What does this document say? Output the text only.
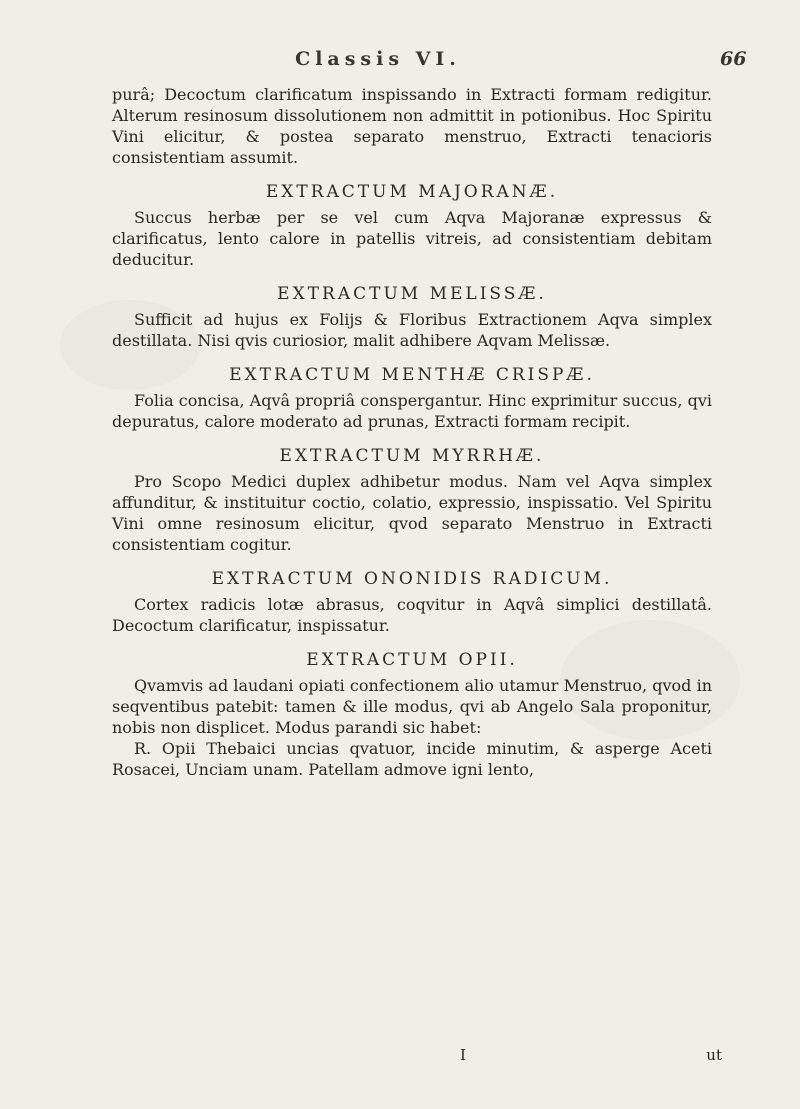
Classis VI.	66

purâ; Decoctum clarificatum inspissando in Extracti formam redigitur. Alterum resinosum dissolutionem non admittit in potionibus. Hoc Spiritu Vini elicitur, & postea separato menstruo, Extracti tenacioris consistentiam assumit.

EXTRACTUM MAJORANÆ.

Succus herbæ per se vel cum Aqva Majoranæ expressus & clarificatus, lento calore in patellis vitreis, ad consistentiam debitam deducitur.

EXTRACTUM MELISSÆ.

Sufficit ad hujus ex Folijs & Floribus Extractionem Aqva simplex destillata. Nisi qvis curiosior, malit adhibere Aqvam Melissæ.

EXTRACTUM MENTHÆ CRISPÆ.

Folia concisa, Aqvâ propriâ conspergantur. Hinc exprimitur succus, qvi depuratus, calore moderato ad prunas, Extracti formam recipit.

EXTRACTUM MYRRHÆ.

Pro Scopo Medici duplex adhibetur modus. Nam vel Aqva simplex affunditur, & instituitur coctio, colatio, expressio, inspissatio. Vel Spiritu Vini omne resinosum elicitur, qvod separato Menstruo in Extracti consistentiam cogitur.

EXTRACTUM ONONIDIS RADICUM.

Cortex radicis lotæ abrasus, coqvitur in Aqvâ simplici destillatâ. Decoctum clarificatur, inspissatur.

EXTRACTUM OPII.

Qvamvis ad laudani opiati confectionem alio utamur Menstruo, qvod in seqventibus patebit: tamen & ille modus, qvi ab Angelo Sala proponitur, nobis non displicet. Modus parandi sic habet:

R. Opii Thebaici uncias qvatuor, incide minutim, & asperge Aceti Rosacei, Unciam unam. Patellam admove igni lento,

I	ut
